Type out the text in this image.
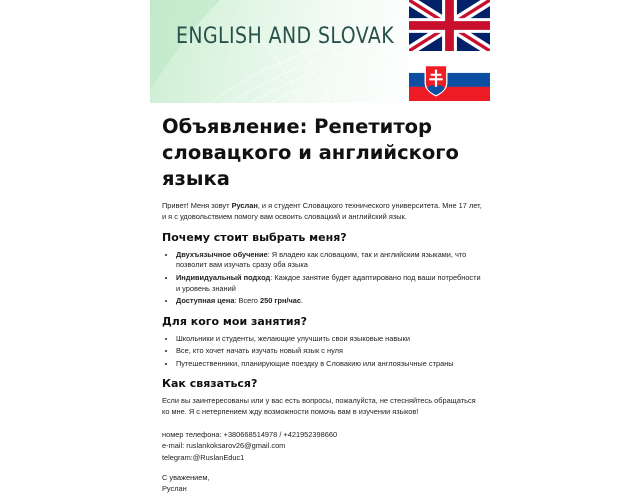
ENGLISH AND SLOVAK
Объявление: Репетитор словацкого и английского языка

Привет! Меня зовут Руслан, и я студент Словацкого технического университета. Мне 17 лет, и я с удовольствием помогу вам освоить словацкий и английский язык.

Почему стоит выбрать меня?
• Двухъязычное обучение: Я владею как словацким, так и английским языками, что позволит вам изучать сразу оба языка
• Индивидуальный подход: Каждое занятие будет адаптировано под ваши потребности и уровень знаний
• Доступная цена: Всего 250 грн/час.
Для кого мои занятия?
• Школьники и студенты, желающие улучшить свои языковые навыки
• Все, кто хочет начать изучать новый язык с нуля
• Путешественники, планирующие поездку в Словакию или англоязычные страны
Как связаться?

Если вы заинтересованы или у вас есть вопросы, пожалуйста, не стесняйтесь обращаться ко мне. Я с нетерпением жду возможности помочь вам в изучении языков!

номер телефона: +380668514978 / +421952398660

e-mail: ruslankoksarov26@gmail.com

telegram:@RuslanEduc1

С уважением,

Руслан
